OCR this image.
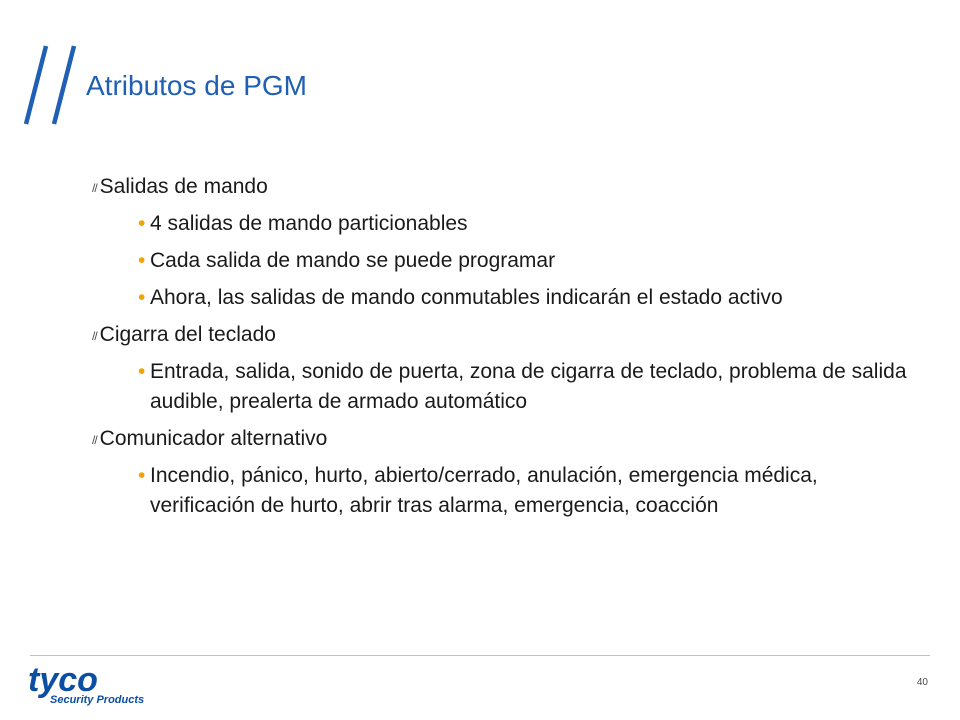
Atributos de PGM
// Salidas de mando
• 4 salidas de mando particionables
• Cada salida de mando se puede programar
• Ahora, las salidas de mando conmutables indicarán el estado activo
// Cigarra del teclado
• Entrada, salida, sonido de puerta, zona de cigarra de teclado, problema de salida audible, prealerta de armado automático
// Comunicador alternativo
• Incendio, pánico, hurto, abierto/cerrado, anulación, emergencia médica, verificación de hurto, abrir tras alarma, emergencia, coacción
tyco
Security Products
40
